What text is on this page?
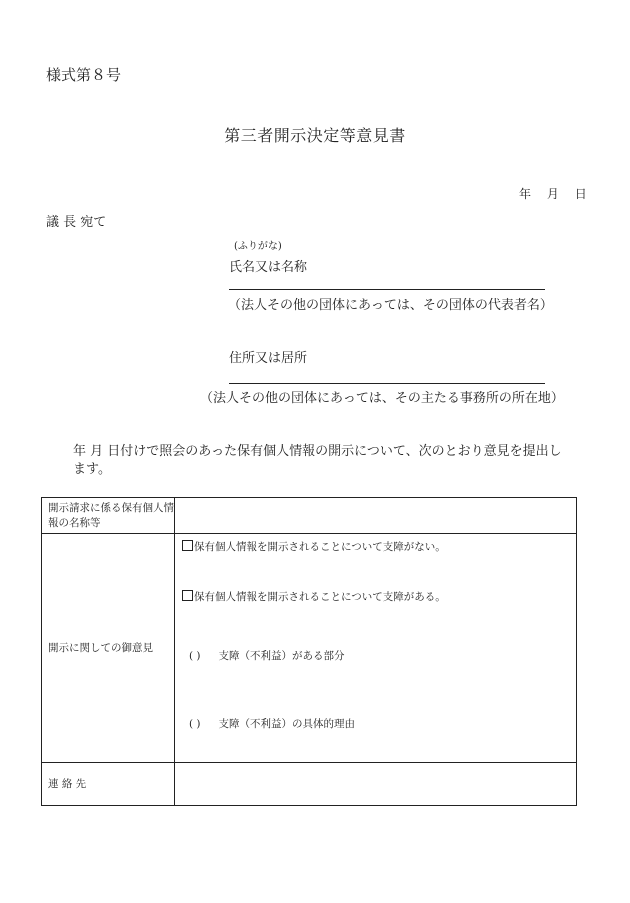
様式第８号
第三者開示決定等意見書
年 月 日
議 長 宛て
(ふりがな)
氏名又は名称
（法人その他の団体にあっては、その団体の代表者名）
住所又は居所
（法人その他の団体にあっては、その主たる事務所の所在地）
年 月 日付けで照会のあった保有個人情報の開示について、次のとおり意見を提出し
ます。
開示請求に係る保有個人情報の名称等	
開示に関しての御意見	保有個人情報を開示されることについて支障がない。
保有個人情報を開示されることについて支障がある。
( ) 支障（不利益）がある部分
( ) 支障（不利益）の具体的理由

連 絡 先	
